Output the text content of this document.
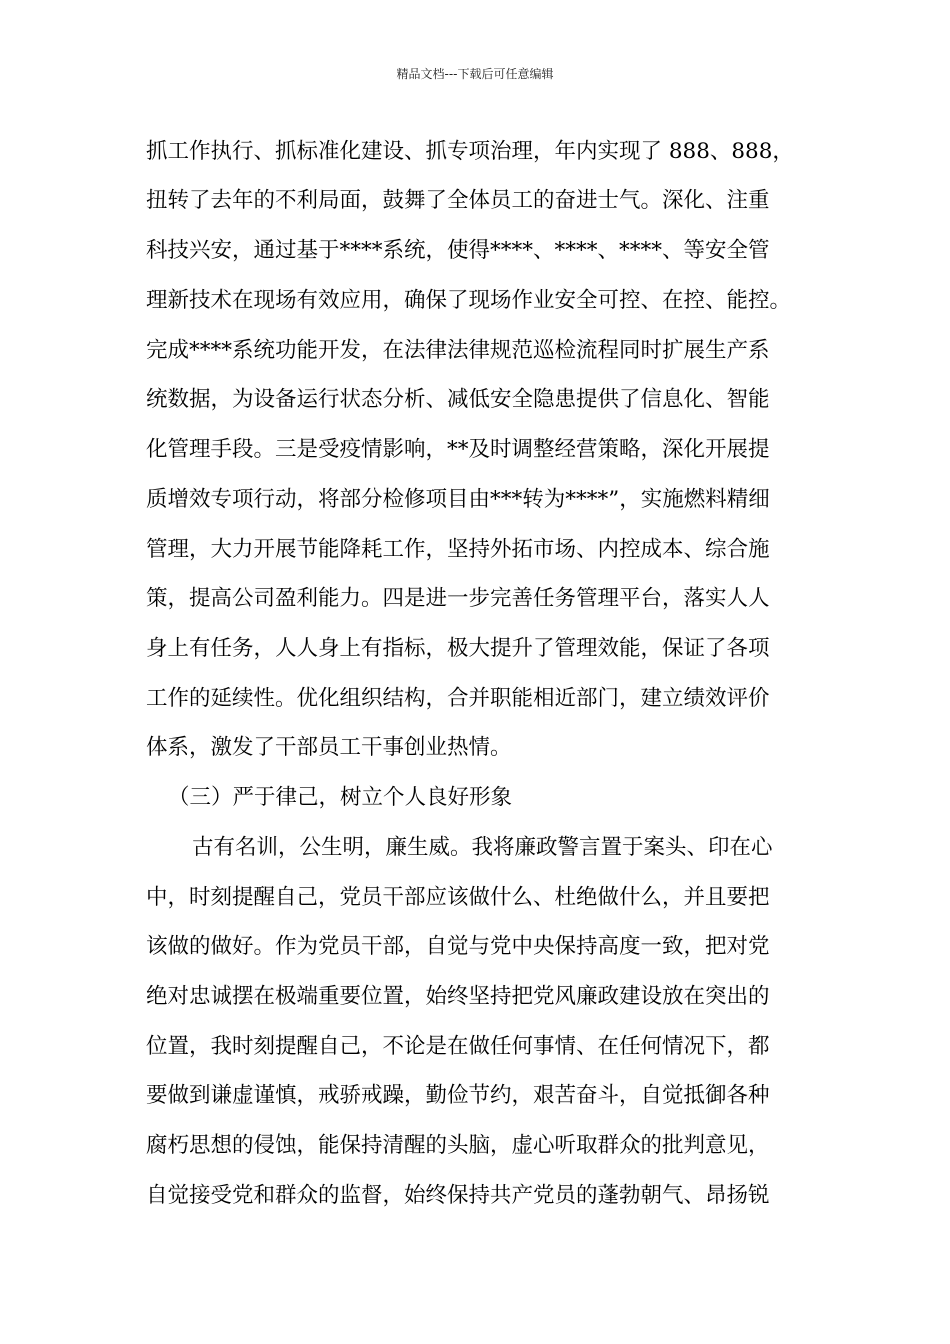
精品文档---下载后可任意编辑
抓工作执行、抓标准化建设、抓专项治理，年内实现了 888、888，
扭转了去年的不利局面，鼓舞了全体员工的奋进士气。深化、注重
科技兴安，通过基于****系统，使得****、****、****、等安全管
理新技术在现场有效应用，确保了现场作业安全可控、在控、能控。
完成****系统功能开发，在法律法律规范巡检流程同时扩展生产系
统数据，为设备运行状态分析、减低安全隐患提供了信息化、智能
化管理手段。三是受疫情影响，**及时调整经营策略，深化开展提
质增效专项行动，将部分检修项目由***转为****”，实施燃料精细
管理，大力开展节能降耗工作，坚持外拓市场、内控成本、综合施
策，提高公司盈利能力。四是进一步完善任务管理平台，落实人人
身上有任务，人人身上有指标，极大提升了管理效能，保证了各项
工作的延续性。优化组织结构，合并职能相近部门，建立绩效评价
体系，激发了干部员工干事创业热情。
（三）严于律己，树立个人良好形象
古有名训，公生明，廉生威。我将廉政警言置于案头、印在心
中，时刻提醒自己，党员干部应该做什么、杜绝做什么，并且要把
该做的做好。作为党员干部，自觉与党中央保持高度一致，把对党
绝对忠诚摆在极端重要位置，始终坚持把党风廉政建设放在突出的
位置，我时刻提醒自己，不论是在做任何事情、在任何情况下，都
要做到谦虚谨慎，戒骄戒躁，勤俭节约，艰苦奋斗，自觉抵御各种
腐朽思想的侵蚀，能保持清醒的头脑，虚心听取群众的批判意见，
自觉接受党和群众的监督，始终保持共产党员的蓬勃朝气、昂扬锐
